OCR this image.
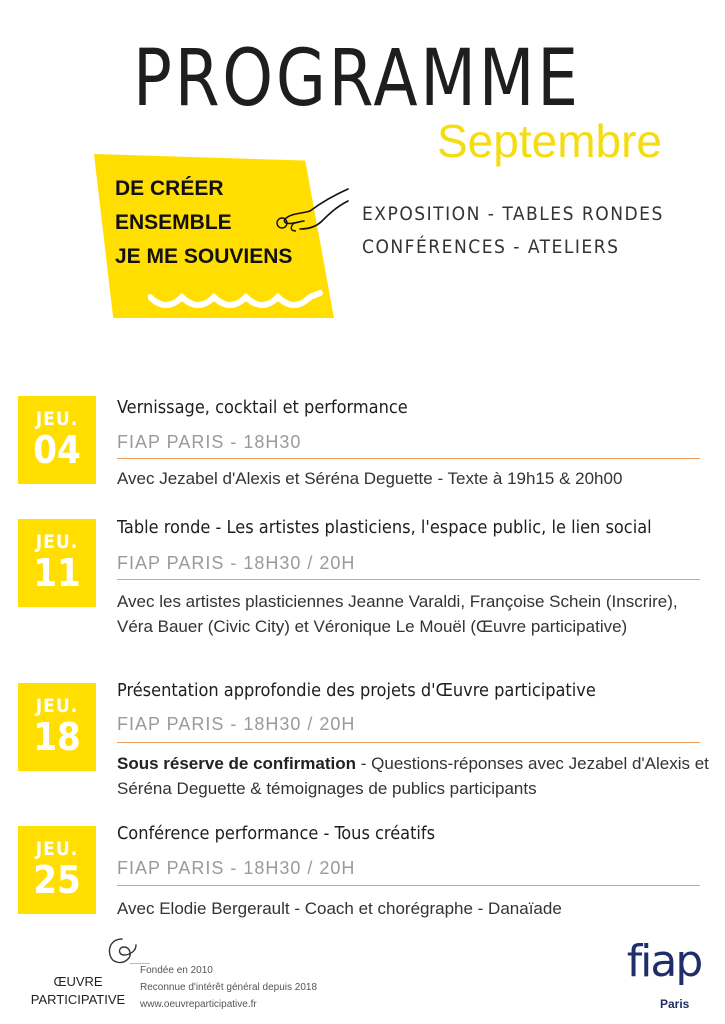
PROGRAMME
Septembre
DE CRÉER
ENSEMBLE
JE ME SOUVIENS
EXPOSITION - TABLES RONDES
CONFÉRENCES - ATELIERS
JEU.
04
Vernissage, cocktail et performance
FIAP PARIS - 18H30
Avec Jezabel d'Alexis et Séréna Deguette - Texte à 19h15 & 20h00
JEU.
11
Table ronde - Les artistes plasticiens, l'espace public, le lien social
FIAP PARIS - 18H30 / 20H
Avec les artistes plasticiennes Jeanne Varaldi, Françoise Schein (Inscrire), Véra Bauer (Civic City) et Véronique Le Mouël (Œuvre participative)
JEU.
18
Présentation approfondie des projets d'Œuvre participative
FIAP PARIS - 18H30 / 20H
Sous réserve de confirmation - Questions-réponses avec Jezabel d'Alexis et Séréna Deguette & témoignages de publics participants
JEU.
25
Conférence performance - Tous créatifs
FIAP PARIS - 18H30 / 20H
Avec Elodie Bergerault - Coach et chorégraphe - Danaïade
ŒUVRE
PARTICIPATIVE
Fondée en 2010
Reconnue d'intérêt général depuis 2018
www.oeuvreparticipative.fr
fiap
Paris
